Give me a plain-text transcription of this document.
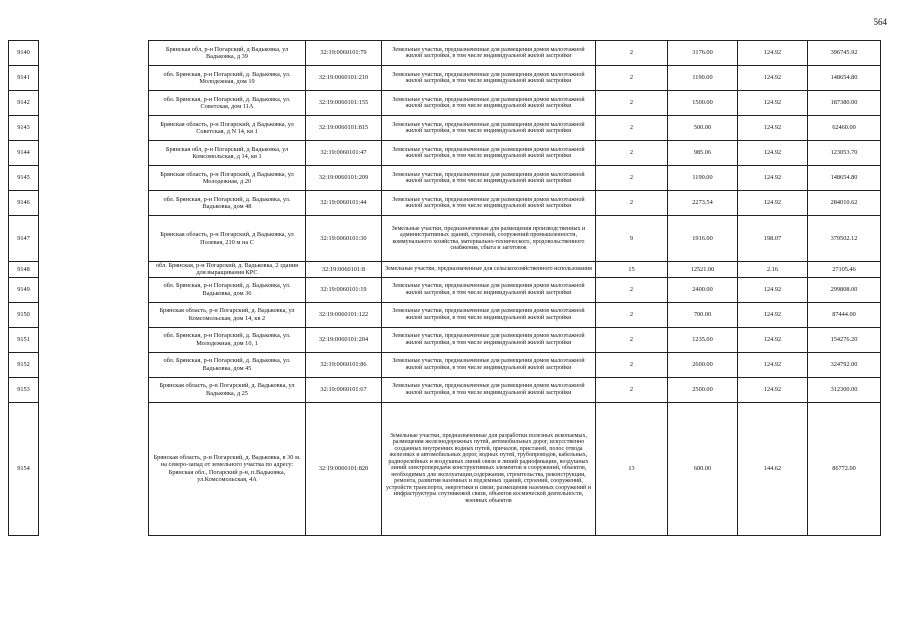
564
9140		Брянская обл, р-н Погарский, д Вадьковка, ул Вадьковка, д 39	32:19:0060101:79	Земельные участки, предназначенные для размещения домов малоэтажной жилой застройки, в том числе индивидуальной жилой застройки	2	3176.00	124.92	396745.92
9141		обл. Брянская, р-н Погарский, д. Вадьковка, ул. Молодежная, дом 19	32:19:0060101:210	Земельные участки, предназначенные для размещения домов малоэтажной жилой застройки, в том числе индивидуальной жилой застройки	2	1190.00	124.92	148654.80
9142		обл. Брянская, р-н Погарский, д. Вадьковка, ул. Советская, дом 11А	32:19:0060101:155	Земельные участки, предназначенные для размещения домов малоэтажной жилой застройки, в том числе индивидуальной жилой застройки	2	1500.00	124.92	187380.00
9143		Брянская область, р-н Погарский, д Вадьковка, ул Советская, д N 14, кв 1	32:19:0060101:815	Земельные участки, предназначенные для размещения домов малоэтажной жилой застройки, в том числе индивидуальной жилой застройки	2	500.00	124.92	62460.00
9144		Брянская обл, р-н Погарский, д Вадьковка, ул Комсомольская, д 14, кв 1	32:19:0060101:47	Земельные участки, предназначенные для размещения домов малоэтажной жилой застройки, в том числе индивидуальной жилой застройки	2	985.06	124.92	123053.70
9145		Брянская область, р-н Погарский, д Вадьковка, ул Молодежная, д 20	32:19:0060101:209	Земельные участки, предназначенные для размещения домов малоэтажной жилой застройки, в том числе индивидуальной жилой застройки	2	1190.00	124.92	148654.80
9146		обл. Брянская, р-н Погарский, д. Вадьковка, ул. Вадьковка, дом 48	32:19:0060101:44	Земельные участки, предназначенные для размещения домов малоэтажной жилой застройки, в том числе индивидуальной жилой застройки	2	2273.54	124.92	284010.62
9147		Брянская область, р-н Погарский, д Вадьковка, ул Полевая, 210 м на С	32:19:0060101:30	Земельные участки, предназначенные для размещения производственных и административных зданий, строений, сооружений промышленности, коммунального хозяйства, материально-технического, продовольственного снабжения, сбыта и заготовок	9	1916.00	198.07	379502.12
9148		обл. Брянская, р-н Погарский, д. Вадьковка, 2 здания для выращивания КРС	32:19:0060101:8	Земельные участки, предназначенные для сельскохозяйственного использования	15	12521.00	2.16	27105.46
9149		обл. Брянская, р-н Погарский, д. Вадьковка, ул. Вадьковка, дом 36	32:19:0060101:19	Земельные участки, предназначенные для размещения домов малоэтажной жилой застройки, в том числе индивидуальной жилой застройки	2	2400.00	124.92	299808.00
9150		Брянская область, р-н Погарский, д. Вадьковка, ул Комсомольская, дом 14, кв 2	32:19:0060101:122	Земельные участки, предназначенные для размещения домов малоэтажной жилой застройки, в том числе индивидуальной жилой застройки	2	700.00	124.92	87444.00
9151		обл. Брянская, р-н Погарский, д. Вадьковка, ул. Молодежная, дом 10, 1	32:19:0060101:204	Земельные участки, предназначенные для размещения домов малоэтажной жилой застройки, в том числе индивидуальной жилой застройки	2	1235.00	124.92	154276.20
9152		обл. Брянская, р-н Погарский, д. Вадьковка, ул. Вадьковка, дом 45	32:19:0060101:86	Земельные участки, предназначенные для размещения домов малоэтажной жилой застройки, в том числе индивидуальной жилой застройки	2	2600.00	124.92	324792.00
9153		Брянская область, р-н Погарский, д. Вадьковка, ул Вадьковка, д 25	32:19:0060101:67	Земельные участки, предназначенные для размещения домов малоэтажной жилой застройки, в том числе индивидуальной жилой застройки	2	2500.00	124.92	312300.00
9154		Брянская область, р-н Погарский, д. Вадьковка, в 30 м. на северо-запад от земельного участка по адресу: Брянская обл., Погарский р-н, п.Вадьковка, ул.Комсомольская, 4А	32:19:0060101:820	Земельные участки, предназначенные для разработки полезных ископаемых, размещения железнодорожных путей, автомобильных дорог, искусственно созданных внутренних водных путей, причалов, пристаней, полос отвода железных и автомобильных дорог, водных путей, трубопроводов, кабельных, радиорелейных и воздушных линий связи и линий радиофикации, воздушных линий электропередачи конструктивных элементов и сооружений, объектов, необходимых для эксплуатации,содержания, строительства, реконструкции, ремонта, развития наземных и подземных зданий, строений, сооружений, устройств транспорта, энергетики и связи; размещения наземных сооружений и инфраструктуры спутниковой связи, объектов космической деятельности, военных объектов	13	600.00	144.62	86772.00
